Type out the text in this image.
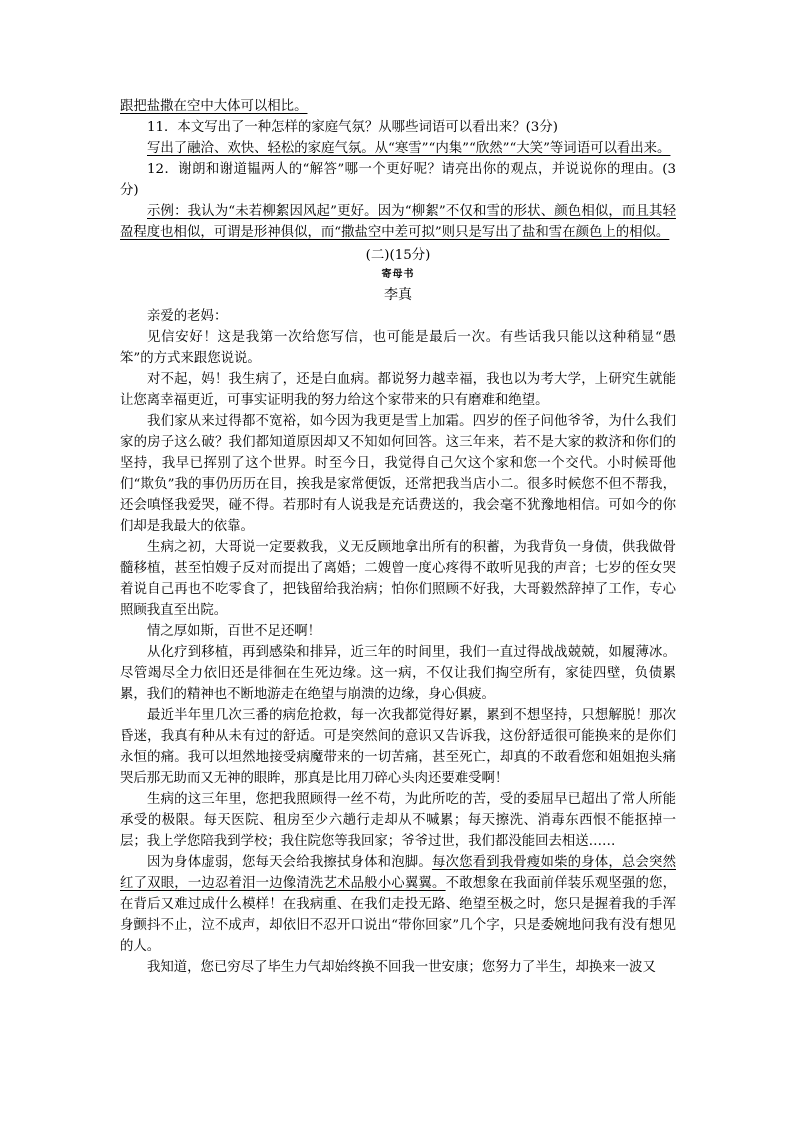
跟把盐撒在空中大体可以相比。

11．本文写出了一种怎样的家庭气氛？从哪些词语可以看出来？(3分)

写出了融洽、欢快、轻松的家庭气氛。从“寒雪”“内集”“欣然”“大笑”等词语可以看出来。

12．谢朗和谢道韫两人的“解答”哪一个更好呢？请亮出你的观点，并说说你的理由。(3分)

示例：我认为“未若柳絮因风起”更好。因为“柳絮”不仅和雪的形状、颜色相似，而且其轻盈程度也相似，可谓是形神俱似，而“撒盐空中差可拟”则只是写出了盐和雪在颜色上的相似。

(二)(15分)

寄母书

李真

亲爱的老妈：

见信安好！这是我第一次给您写信，也可能是最后一次。有些话我只能以这种稍显“愚笨”的方式来跟您说说。

对不起，妈！我生病了，还是白血病。都说努力越幸福，我也以为考大学，上研究生就能让您离幸福更近，可事实证明我的努力给这个家带来的只有磨难和绝望。

我们家从来过得都不宽裕，如今因为我更是雪上加霜。四岁的侄子问他爷爷，为什么我们家的房子这么破？我们都知道原因却又不知如何回答。这三年来，若不是大家的救济和你们的坚持，我早已挥别了这个世界。时至今日，我觉得自己欠这个家和您一个交代。小时候哥他们“欺负”我的事仍历历在目，挨我是家常便饭，还常把我当店小二。很多时候您不但不帮我，还会嗔怪我爱哭，碰不得。若那时有人说我是充话费送的，我会毫不犹豫地相信。可如今的你们却是我最大的依靠。

生病之初，大哥说一定要救我，义无反顾地拿出所有的积蓄，为我背负一身债，供我做骨髓移植，甚至怕嫂子反对而提出了离婚；二嫂曾一度心疼得不敢听见我的声音；七岁的侄女哭着说自己再也不吃零食了，把钱留给我治病；怕你们照顾不好我，大哥毅然辞掉了工作，专心照顾我直至出院。

情之厚如斯，百世不足还啊！

从化疗到移植，再到感染和排异，近三年的时间里，我们一直过得战战兢兢，如履薄冰。尽管竭尽全力依旧还是徘徊在生死边缘。这一病，不仅让我们掏空所有，家徒四壁，负债累累，我们的精神也不断地游走在绝望与崩溃的边缘，身心俱疲。

最近半年里几次三番的病危抢救，每一次我都觉得好累，累到不想坚持，只想解脱！那次昏迷，我真有种从未有过的舒适。可是突然间的意识又告诉我，这份舒适很可能换来的是你们永恒的痛。我可以坦然地接受病魔带来的一切苦痛，甚至死亡，却真的不敢看您和姐姐抱头痛哭后那无助而又无神的眼眸，那真是比用刀碎心头肉还要难受啊！

生病的这三年里，您把我照顾得一丝不苟，为此所吃的苦，受的委屈早已超出了常人所能承受的极限。每天医院、租房至少六趟行走却从不喊累；每天擦洗、消毒东西恨不能抠掉一层；我上学您陪我到学校；我住院您等我回家；爷爷过世，我们都没能回去相送……

因为身体虚弱，您每天会给我擦拭身体和泡脚。每次您看到我骨瘦如柴的身体，总会突然红了双眼，一边忍着泪一边像清洗艺术品般小心翼翼。不敢想象在我面前佯装乐观坚强的您，在背后又难过成什么模样！在我病重、在我们走投无路、绝望至极之时，您只是握着我的手浑身颤抖不止，泣不成声，却依旧不忍开口说出“带你回家”几个字，只是委婉地问我有没有想见的人。

我知道，您已穷尽了毕生力气却始终换不回我一世安康；您努力了半生，却换来一波又
